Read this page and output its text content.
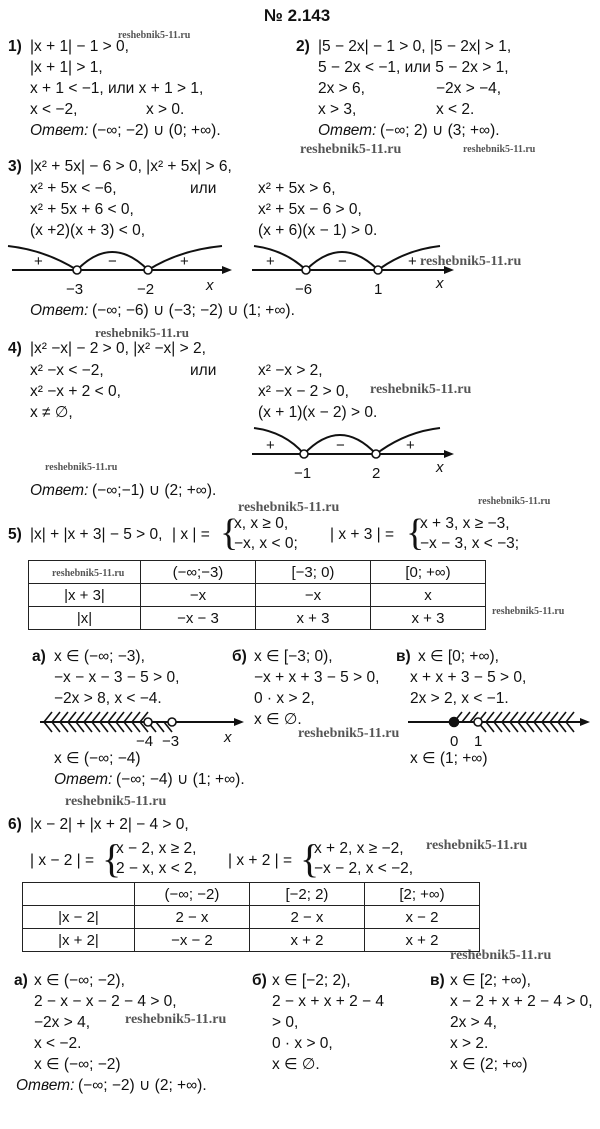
№ 2.143
reshebnik5-11.ru
reshebnik5-11.ru
reshebnik5-11.ru
reshebnik5-11.ru
reshebnik5-11.ru
reshebnik5-11.ru
reshebnik5-11.ru
reshebnik5-11.ru	reshebnik5-11.ru
reshebnik5-11.ru
reshebnik5-11.ru
reshebnik5-11.ru
reshebnik5-11.ru
reshebnik5-11.ru
reshebnik5-11.ru
1) |x + 1| − 1 > 0,
|x + 1| > 1,
x + 1 < −1, или x + 1 > 1,
x < −2,	x > 0.
Ответ: (−∞; −2) ∪ (0; +∞).
2) |5 − 2x| − 1 > 0, |5 − 2x| > 1,
5 − 2x < −1, или 5 − 2x > 1,
2x > 6,	−2x > −4,
x > 3,	x < 2.
Ответ: (−∞; 2) ∪ (3; +∞).
3) |x² + 5x| − 6 > 0, |x² + 5x| > 6,
x² + 5x < −6,	или	x² + 5x > 6,
x² + 5x + 6 < 0,	x² + 5x − 6 > 0,
(x +2)(x + 3) < 0,	(x + 6)(x − 1) > 0.
+	−	+
−3	−2	x
+	−	+
−6	1	x
Ответ: (−∞; −6) ∪ (−3; −2) ∪ (1; +∞).
4) |x² −x| − 2 > 0, |x² −x| > 2,
x² −x < −2,	или	x² −x > 2,
x² −x + 2 < 0,	x² −x − 2 > 0,
x ≠ ∅,	(x + 1)(x − 2) > 0.
+	−	+
−1	2	x
Ответ: (−∞;−1) ∪ (2; +∞).
5) |x| + |x + 3| − 5 > 0, | x | = {
x, x ≥ 0,
−x, x < 0;
| x + 3 | = {
x + 3, x ≥ −3,
−x − 3, x < −3;
	(−∞;−3)	[−3; 0)	[0; +∞)
|x + 3|	−x	−x	x
|x|	−x − 3	x + 3	x + 3
reshebnik5-11.ru
а) x ∈ (−∞; −3),
−x − x − 3 − 5 > 0,
−2x > 8, x < −4.
−4 −3	x
x ∈ (−∞; −4)
б) x ∈ [−3; 0),
−x + x + 3 − 5 > 0,
0 · x > 2,
x ∈ ∅.
в) x ∈ [0; +∞),
x + x + 3 − 5 > 0,
2x > 2, x < −1.
0 1
x ∈ (1; +∞)
Ответ: (−∞; −4) ∪ (1; +∞).
6) |x − 2| + |x + 2| − 4 > 0,
| x − 2 | = {
x − 2, x ≥ 2,
2 − x, x < 2, | x + 2 | = {
x + 2, x ≥ −2,
−x − 2, x < −2,
	(−∞; −2)	[−2; 2)	[2; +∞)
|x − 2|	2 − x	2 − x	x − 2
|x + 2|	−x − 2	x + 2	x + 2
а) x ∈ (−∞; −2),
2 − x − x − 2 − 4 > 0,
−2x > 4,
x < −2.
x ∈ (−∞; −2)
б) x ∈ [−2; 2),
2 − x + x + 2 − 4
> 0,
0 · x > 0,
x ∈ ∅.
в) x ∈ [2; +∞),
x − 2 + x + 2 − 4 > 0,
2x > 4,
x > 2.
x ∈ (2; +∞)
Ответ: (−∞; −2) ∪ (2; +∞).
